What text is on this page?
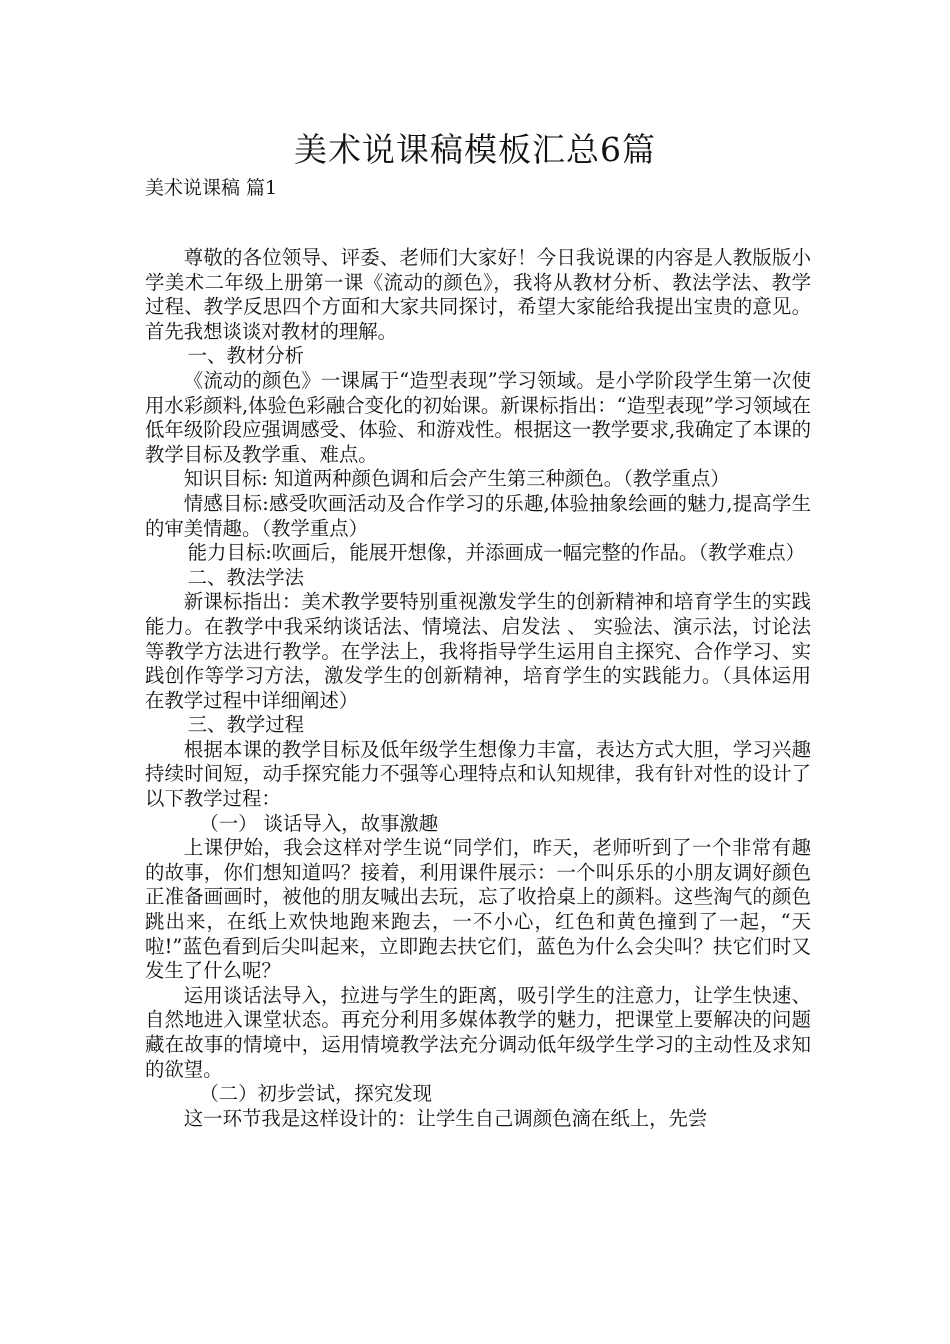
美术说课稿模板汇总6篇
美术说课稿 篇1

尊敬的各位领导、评委、老师们大家好！今日我说课的内容是人教版版小学美术二年级上册第一课《流动的颜色》，我将从教材分析、教法学法、教学过程、教学反思四个方面和大家共同探讨，希望大家能给我提出宝贵的意见。首先我想谈谈对教材的理解。

一、教材分析

《流动的颜色》一课属于“造型表现”学习领域。是小学阶段学生第一次使用水彩颜料,体验色彩融合变化的初始课。新课标指出：“造型表现”学习领域在低年级阶段应强调感受、体验、和游戏性。根据这一教学要求,我确定了本课的教学目标及教学重、难点。

知识目标: 知道两种颜色调和后会产生第三种颜色。（教学重点）

情感目标:感受吹画活动及合作学习的乐趣,体验抽象绘画的魅力,提高学生的审美情趣。（教学重点）

能力目标:吹画后，能展开想像，并添画成一幅完整的作品。（教学难点）

二、教法学法

新课标指出：美术教学要特别重视激发学生的创新精神和培育学生的实践能力。在教学中我采纳谈话法、情境法、启发法 、 实验法、演示法，讨论法等教学方法进行教学。在学法上，我将指导学生运用自主探究、合作学习、实践创作等学习方法，激发学生的创新精神，培育学生的实践能力。（具体运用在教学过程中详细阐述）

三、教学过程

根据本课的教学目标及低年级学生想像力丰富，表达方式大胆，学习兴趣持续时间短，动手探究能力不强等心理特点和认知规律，我有针对性的设计了以下教学过程：

（一） 谈话导入，故事激趣

上课伊始，我会这样对学生说“同学们，昨天，老师听到了一个非常有趣的故事，你们想知道吗？接着，利用课件展示：一个叫乐乐的小朋友调好颜色正准备画画时，被他的朋友喊出去玩，忘了收拾桌上的颜料。这些淘气的颜色跳出来，在纸上欢快地跑来跑去，一不小心，红色和黄色撞到了一起，“天啦!”蓝色看到后尖叫起来，立即跑去扶它们，蓝色为什么会尖叫？扶它们时又发生了什么呢？

运用谈话法导入，拉进与学生的距离，吸引学生的注意力，让学生快速、自然地进入课堂状态。再充分利用多媒体教学的魅力，把课堂上要解决的问题藏在故事的情境中，运用情境教学法充分调动低年级学生学习的主动性及求知的欲望。

（二）初步尝试，探究发现

这一环节我是这样设计的：让学生自己调颜色滴在纸上，先尝
